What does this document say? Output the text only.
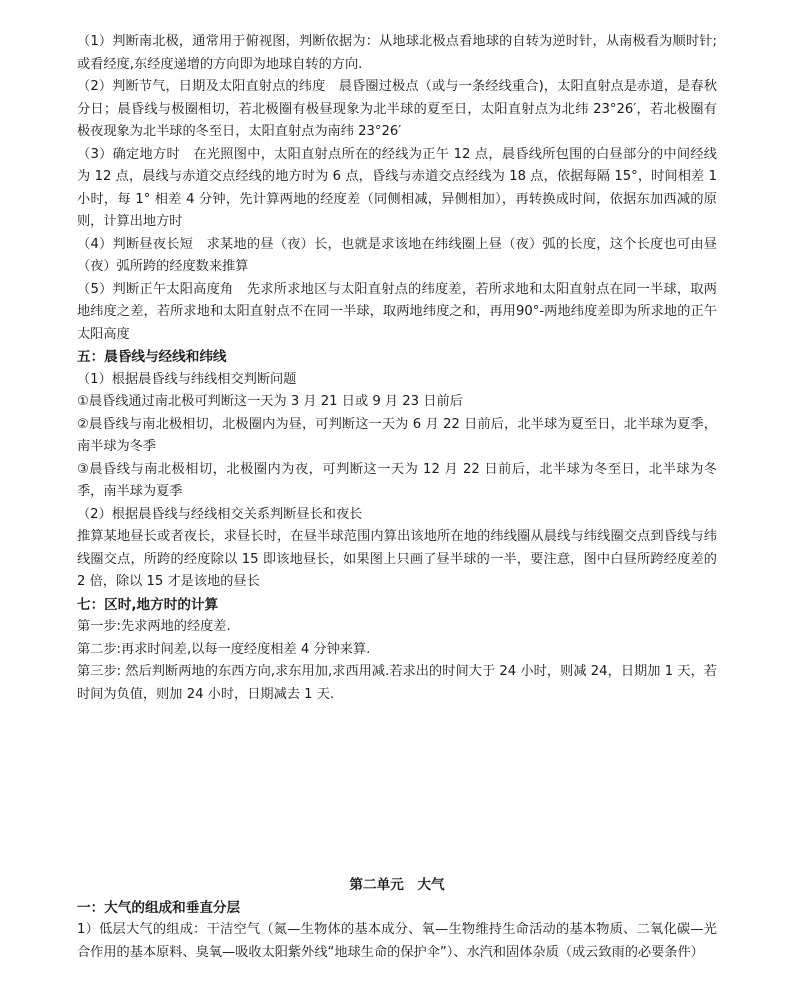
（1）判断南北极，通常用于俯视图，判断依据为：从地球北极点看地球的自转为逆时针，从南极看为顺时针;或看经度,东经度递增的方向即为地球自转的方向.

（2）判断节气，日期及太阳直射点的纬度　晨昏圈过极点（或与一条经线重合)，太阳直射点是赤道，是春秋分日；晨昏线与极圈相切，若北极圈有极昼现象为北半球的夏至日，太阳直射点为北纬 23°26′，若北极圈有极夜现象为北半球的冬至日，太阳直射点为南纬 23°26′

（3）确定地方时　在光照图中，太阳直射点所在的经线为正午 12 点，晨昏线所包围的白昼部分的中间经线为 12 点，晨线与赤道交点经线的地方时为 6 点，昏线与赤道交点经线为 18 点，依据每隔 15°，时间相差 1 小时，每 1° 相差 4 分钟，先计算两地的经度差（同侧相减，异侧相加），再转换成时间，依据东加西减的原则，计算出地方时

（4）判断昼夜长短　求某地的昼（夜）长，也就是求该地在纬线圈上昼（夜）弧的长度，这个长度也可由昼（夜）弧所跨的经度数来推算

（5）判断正午太阳高度角　先求所求地区与太阳直射点的纬度差，若所求地和太阳直射点在同一半球，取两地纬度之差，若所求地和太阳直射点不在同一半球，取两地纬度之和，再用90°-两地纬度差即为所求地的正午太阳高度

五：晨昏线与经线和纬线

（1）根据晨昏线与纬线相交判断问题

①晨昏线通过南北极可判断这一天为 3 月 21 日或 9 月 23 日前后

②晨昏线与南北极相切，北极圈内为昼，可判断这一天为 6 月 22 日前后，北半球为夏至日，北半球为夏季，南半球为冬季

③晨昏线与南北极相切，北极圈内为夜，可判断这一天为 12 月 22 日前后，北半球为冬至日，北半球为冬季，南半球为夏季

（2）根据晨昏线与经线相交关系判断昼长和夜长

推算某地昼长或者夜长，求昼长时，在昼半球范围内算出该地所在地的纬线圈从晨线与纬线圈交点到昏线与纬线圈交点，所跨的经度除以 15 即该地昼长，如果图上只画了昼半球的一半，要注意，图中白昼所跨经度差的 2 倍，除以 15 才是该地的昼长

七：区时,地方时的计算

第一步:先求两地的经度差.

第二步:再求时间差,以每一度经度相差 4 分钟来算.

第三步: 然后判断两地的东西方向,求东用加,求西用减.若求出的时间大于 24 小时，则减 24，日期加 1 天，若时间为负值，则加 24 小时，日期减去 1 天.

第二单元　大气

一：大气的组成和垂直分层

1）低层大气的组成：干洁空气（氮—生物体的基本成分、氧—生物维持生命活动的基本物质、二氧化碳—光合作用的基本原料、臭氧—吸收太阳紫外线“地球生命的保护伞”）、水汽和固体杂质（成云致雨的必要条件）
